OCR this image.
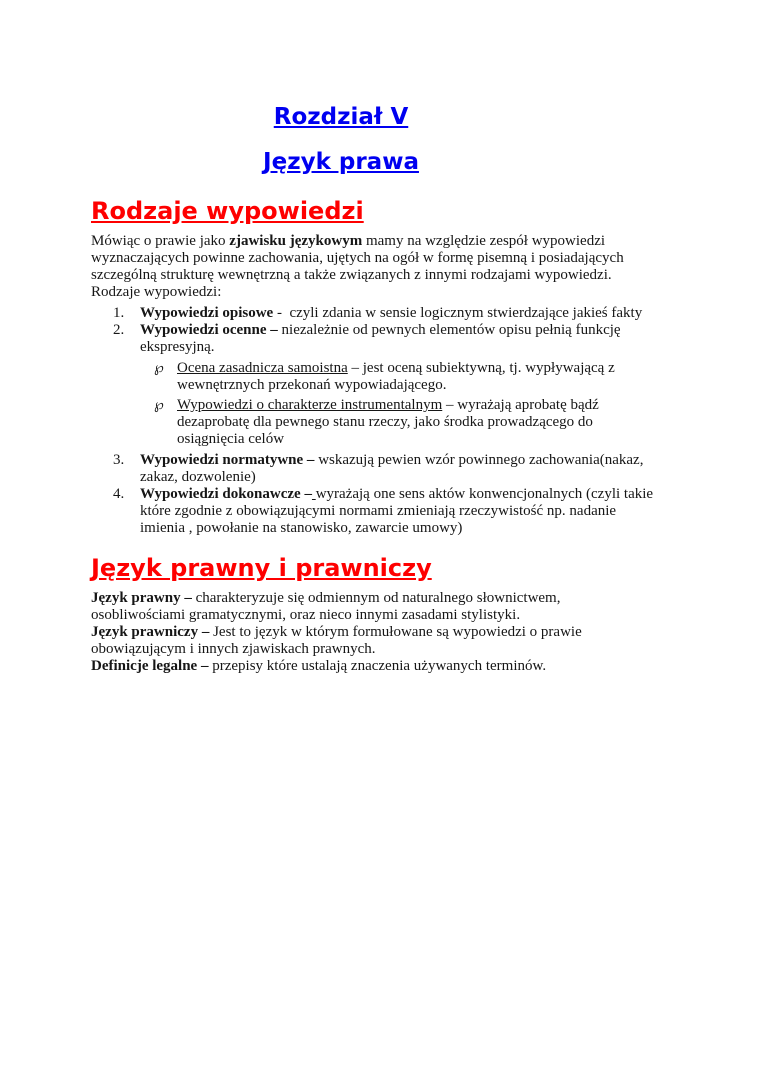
Rozdział V
Język prawa
Rodzaje wypowiedzi
Mówiąc o prawie jako zjawisku językowym mamy na względzie zespół wypowiedzi
wyznaczających powinne zachowania, ujętych na ogół w formę pisemną i posiadających
szczególną strukturę wewnętrzną a także związanych z innymi rodzajami wypowiedzi.
Rodzaje wypowiedzi:
1. Wypowiedzi opisowe -  czyli zdania w sensie logicznym stwierdzające jakieś fakty
2. Wypowiedzi ocenne – niezależnie od pewnych elementów opisu pełnią funkcję
ekspresyjną.
℘ Ocena zasadnicza samoistna – jest oceną subiektywną, tj. wypływającą z
wewnętrznych przekonań wypowiadającego.
℘ Wypowiedzi o charakterze instrumentalnym – wyrażają aprobatę bądź
dezaprobatę dla pewnego stanu rzeczy, jako środka prowadzącego do
osiągnięcia celów
3. Wypowiedzi normatywne – wskazują pewien wzór powinnego zachowania(nakaz,
zakaz, dozwolenie)
4. Wypowiedzi dokonawcze – wyrażają one sens aktów konwencjonalnych (czyli takie
które zgodnie z obowiązującymi normami zmieniają rzeczywistość np. nadanie
imienia , powołanie na stanowisko, zawarcie umowy)
Język prawny i prawniczy
Język prawny – charakteryzuje się odmiennym od naturalnego słownictwem,
osobliwościami gramatycznymi, oraz nieco innymi zasadami stylistyki.
Język prawniczy – Jest to język w którym formułowane są wypowiedzi o prawie
obowiązującym i innych zjawiskach prawnych.
Definicje legalne – przepisy które ustalają znaczenia używanych terminów.
